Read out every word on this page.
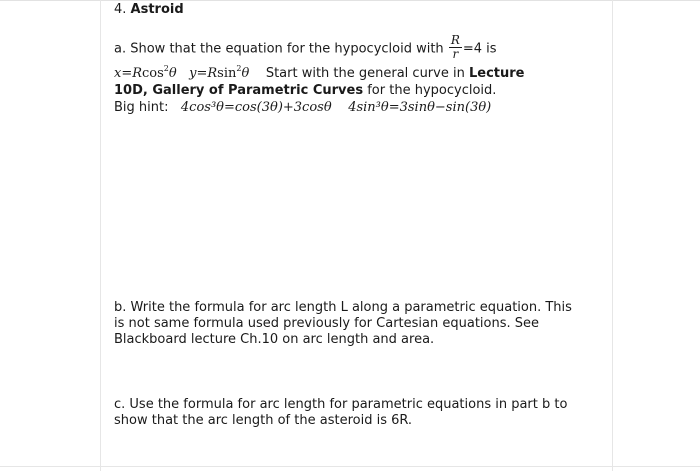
4. Astroid
a. Show that the equation for the hypocycloid with $\frac{R}{r} =4$ is
x=Rcos$^2$θ y=Rsin$^2$θ Start with the general curve in Lecture
10D, Gallery of Parametric Curves for the hypocycloid.
Big hint: 4cos³θ=cos(3θ)+3cosθ 4sin³θ=3sinθ−sin(3θ)
b. Write the formula for arc length L along a parametric equation. This
is not same formula used previously for Cartesian equations. See
Blackboard lecture Ch.10 on arc length and area.
c. Use the formula for arc length for parametric equations in part b to
show that the arc length of the asteroid is 6R.
